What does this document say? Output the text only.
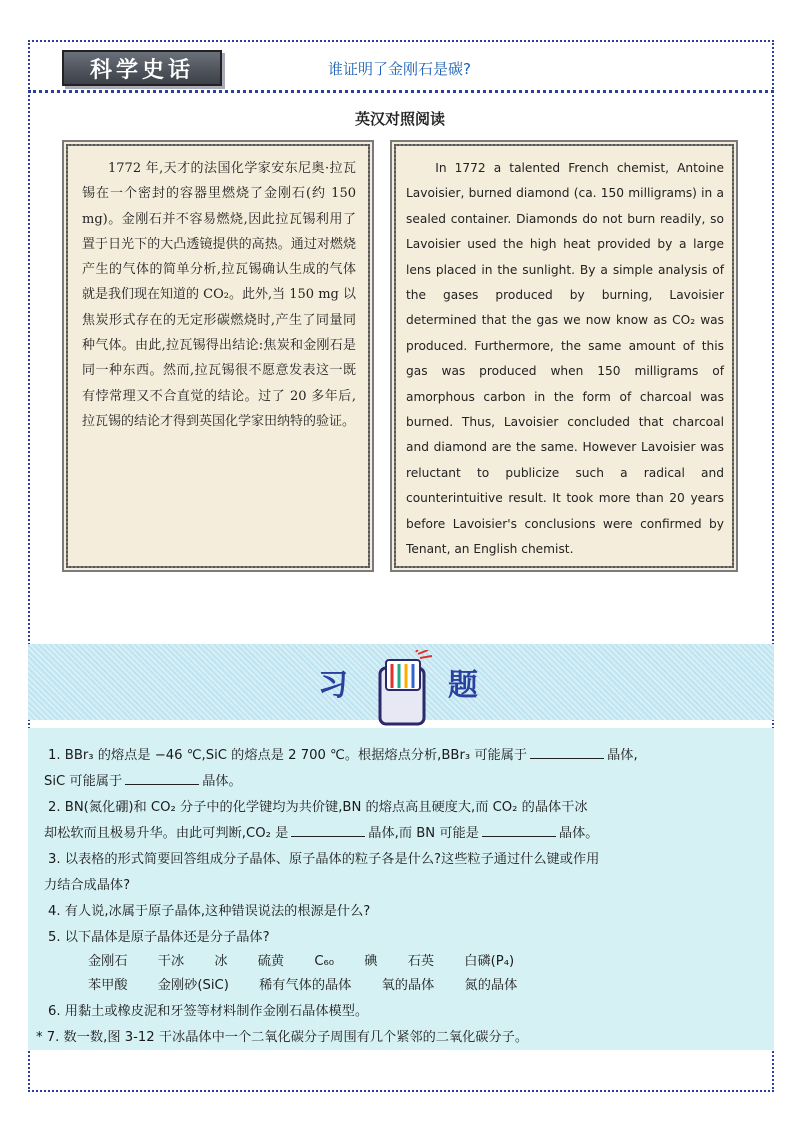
科学史话	谁证明了金刚石是碳?
英汉对照阅读

1772 年,天才的法国化学家安东尼奥·拉瓦锡在一个密封的容器里燃烧了金刚石(约 150 mg)。金刚石并不容易燃烧,因此拉瓦锡利用了置于日光下的大凸透镜提供的高热。通过对燃烧产生的气体的简单分析,拉瓦锡确认生成的气体就是我们现在知道的 CO₂。此外,当 150 mg 以焦炭形式存在的无定形碳燃烧时,产生了同量同种气体。由此,拉瓦锡得出结论:焦炭和金刚石是同一种东西。然而,拉瓦锡很不愿意发表这一既有悖常理又不合直觉的结论。过了 20 多年后,拉瓦锡的结论才得到英国化学家田纳特的验证。

In 1772 a talented French chemist, Antoine Lavoisier, burned diamond (ca. 150 milligrams) in a sealed container. Diamonds do not burn readily, so Lavoisier used the high heat provided by a large lens placed in the sunlight. By a simple analysis of the gases produced by burning, Lavoisier determined that the gas we now know as CO₂ was produced. Furthermore, the same amount of this gas was produced when 150 milligrams of amorphous carbon in the form of charcoal was burned. Thus, Lavoisier concluded that charcoal and diamond are the same. However Lavoisier was reluctant to publicize such a radical and counterintuitive result. It took more than 20 years before Lavoisier's conclusions were confirmed by Tenant, an English chemist.

习	题
1. BBr₃ 的熔点是 −46 ℃,SiC 的熔点是 2 700 ℃。根据熔点分析,BBr₃ 可能属于	晶体,
SiC 可能属于	晶体。
2. BN(氮化硼)和 CO₂ 分子中的化学键均为共价键,BN 的熔点高且硬度大,而 CO₂ 的晶体干冰
却松软而且极易升华。由此可判断,CO₂ 是	晶体,而 BN 可能是	晶体。
3. 以表格的形式简要回答组成分子晶体、原子晶体的粒子各是什么?这些粒子通过什么键或作用
力结合成晶体?
4. 有人说,冰属于原子晶体,这种错误说法的根源是什么?
5. 以下晶体是原子晶体还是分子晶体?
金刚石 干冰 冰 硫黄 C₆₀ 碘 石英 白磷(P₄)
苯甲酸 金刚砂(SiC) 稀有气体的晶体 氧的晶体 氮的晶体
6. 用黏土或橡皮泥和牙签等材料制作金刚石晶体模型。
* 7. 数一数,图 3-12 干冰晶体中一个二氧化碳分子周围有几个紧邻的二氧化碳分子。
